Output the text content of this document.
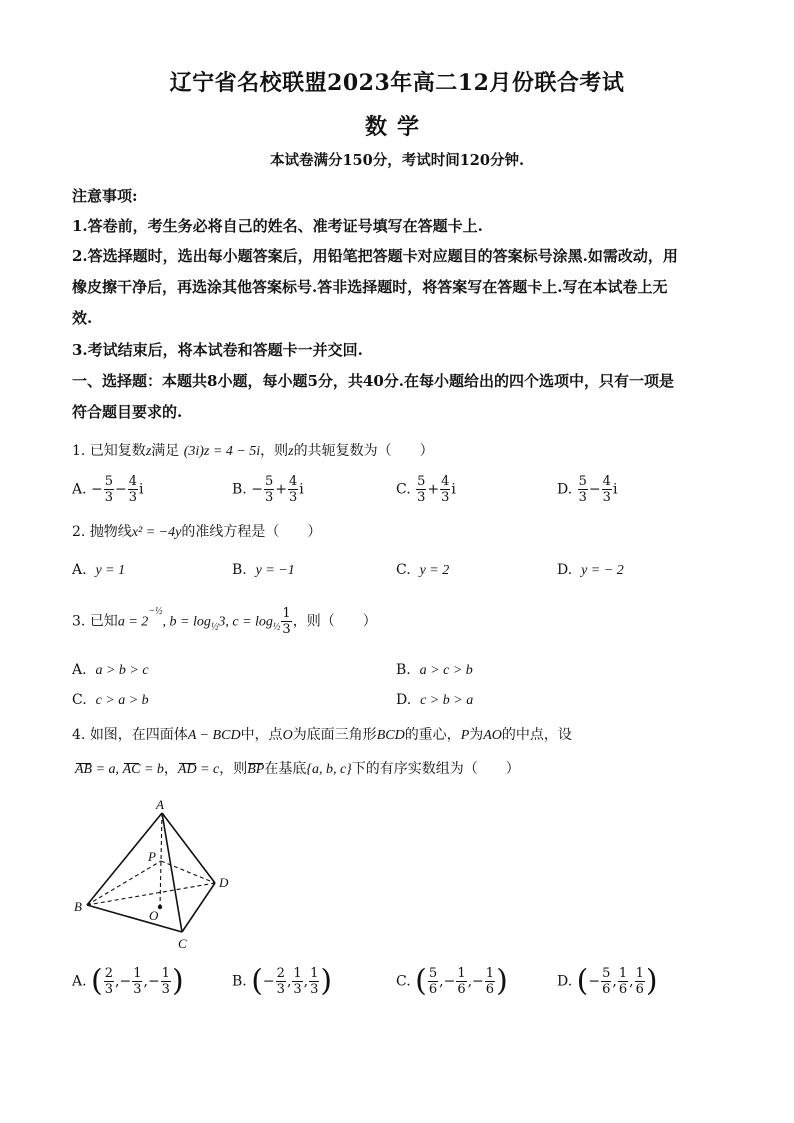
辽宁省名校联盟2023年高二12月份联合考试
数学
本试卷满分150分，考试时间120分钟.
注意事项:
1.答卷前，考生务必将自己的姓名、准考证号填写在答题卡上.
2.答选择题时，选出每小题答案后，用铅笔把答题卡对应题目的答案标号涂黑.如需改动，用
橡皮擦干净后，再选涂其他答案标号.答非选择题时，将答案写在答题卡上.写在本试卷上无
效.
3.考试结束后，将本试卷和答题卡一并交回.
一、选择题：本题共8小题，每小题5分，共40分.在每小题给出的四个选项中，只有一项是
符合题目要求的.
1. 已知复数z满足 (3i)z = 4 − 5i，则z的共轭复数为（　　）
A. − $\frac{5}{3} - \frac{4}{3}$ i	B. − $\frac{5}{3} + \frac{4}{3}$ i	C. $\frac{5}{3} + \frac{4}{3}$ i	D. $\frac{5}{3} - \frac{4}{3}$ i
2. 抛物线x² = −4y的准线方程是（　　）
A. y = 1	B. y = −1	C. y = 2	D. y = − 2
3. 已知$a = 2^{-\frac{1}{2}}$, $b = \log_{\frac{1}{2}}3$, $c = \log_{\frac{1}{2}} \frac{1}{3}$ ，则（　　）
A. a > b > c	B. a > c > b
C. c > a > b	D. c > b > a
4. 如图，在四面体A − BCD中，点O为底面三角形BCD的重心，P为AO的中点，设
AB = a, AC = b，AD = c，则BP在基底{a, b, c}下的有序实数组为（　　）
A
B
C
D
P
O
A. ( $\frac{2}{3}$ ,− $\frac{1}{3}$ ,− $\frac{1}{3}$ )	B. (− $\frac{2}{3}$ , $\frac{1}{3}$ , $\frac{1}{3}$ )	C. ( $\frac{5}{6}$ ,− $\frac{1}{6}$ ,− $\frac{1}{6}$ )	D. (− $\frac{5}{6}$ , $\frac{1}{6}$ , $\frac{1}{6}$ )
